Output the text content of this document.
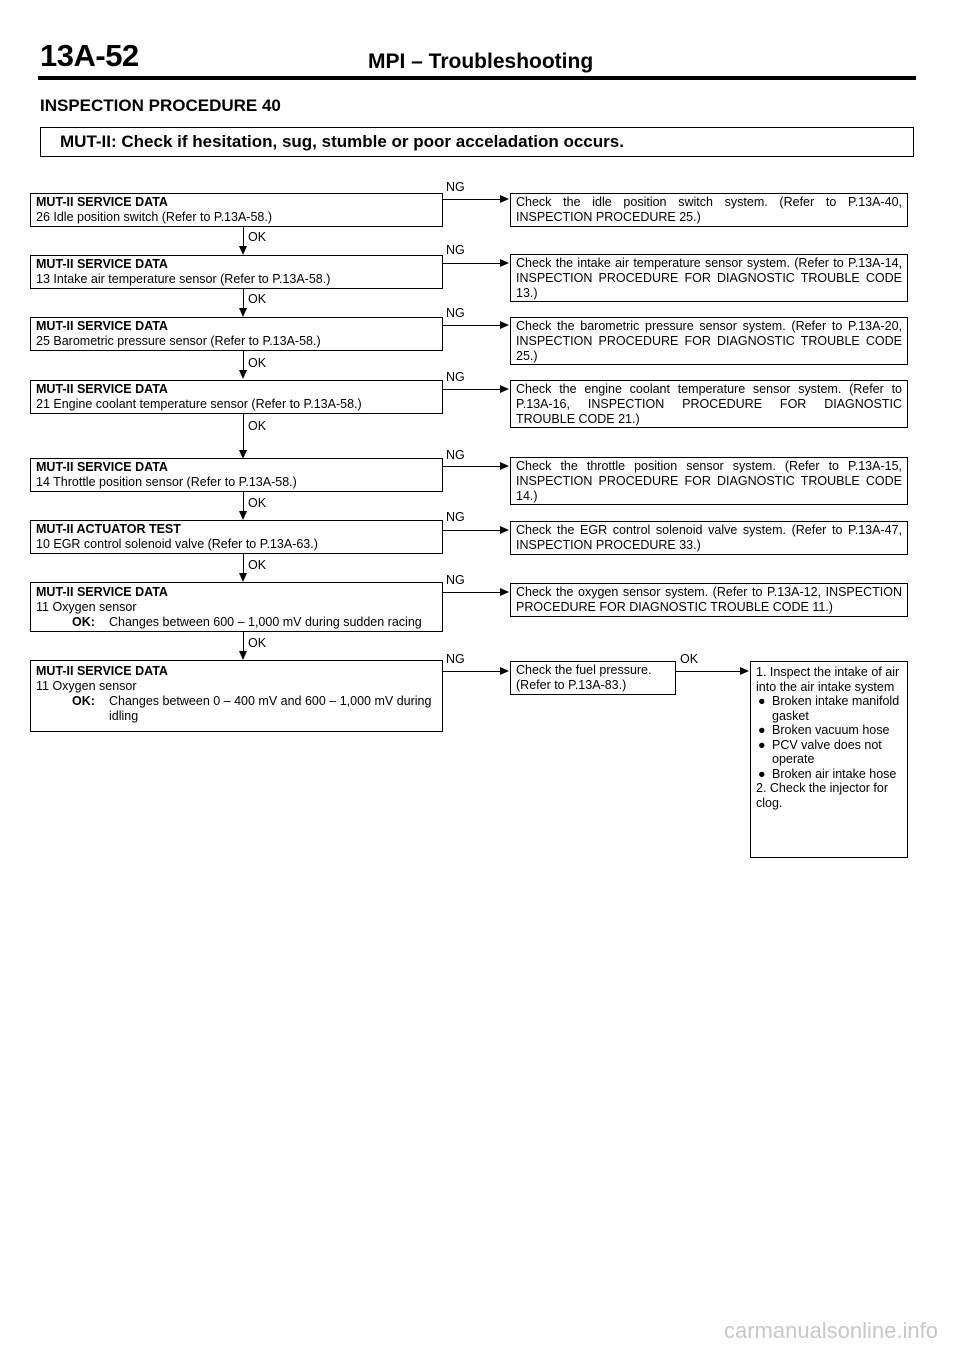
13A-52	MPI – Troubleshooting
INSPECTION PROCEDURE 40
MUT-II: Check if hesitation, sug, stumble or poor acceladation occurs.
MUT-II SERVICE DATA
26 Idle position switch (Refer to P.13A-58.)
NG
Check the idle position switch system. (Refer to P.13A-40, INSPECTION PROCEDURE 25.)
OK
MUT-II SERVICE DATA
13 Intake air temperature sensor (Refer to P.13A-58.)
NG
Check the intake air temperature sensor system. (Refer to P.13A-14, INSPECTION PROCEDURE FOR DIAGNOSTIC TROUBLE CODE 13.)
OK
MUT-II SERVICE DATA
25 Barometric pressure sensor (Refer to P.13A-58.)
NG
Check the barometric pressure sensor system. (Refer to P.13A-20, INSPECTION PROCEDURE FOR DIAGNOSTIC TROUBLE CODE 25.)
OK
MUT-II SERVICE DATA
21 Engine coolant temperature sensor (Refer to P.13A-58.)
NG
Check the engine coolant temperature sensor system. (Refer to P.13A-16, INSPECTION PROCEDURE FOR DIAGNOSTIC TROUBLE CODE 21.)
OK
MUT-II SERVICE DATA
14 Throttle position sensor (Refer to P.13A-58.)
NG
Check the throttle position sensor system. (Refer to P.13A-15, INSPECTION PROCEDURE FOR DIAGNOSTIC TROUBLE CODE 14.)
OK
MUT-II ACTUATOR TEST
10 EGR control solenoid valve (Refer to P.13A-63.)
NG
Check the EGR control solenoid valve system. (Refer to P.13A-47, INSPECTION PROCEDURE 33.)
OK
MUT-II SERVICE DATA
11 Oxygen sensor
OK: Changes between 600 – 1,000 mV during sudden racing
NG
Check the oxygen sensor system. (Refer to P.13A-12, INSPECTION PROCEDURE FOR DIAGNOSTIC TROUBLE CODE 11.)
OK
MUT-II SERVICE DATA
11 Oxygen sensor
OK: Changes between 0 – 400 mV and 600 – 1,000 mV during idling
NG
Check the fuel pressure. (Refer to P.13A-83.)
OK
1. Inspect the intake of air into the air intake system
● Broken intake manifold gasket
● Broken vacuum hose
● PCV valve does not operate
● Broken air intake hose
2. Check the injector for clog.
carmanualsonline.info
